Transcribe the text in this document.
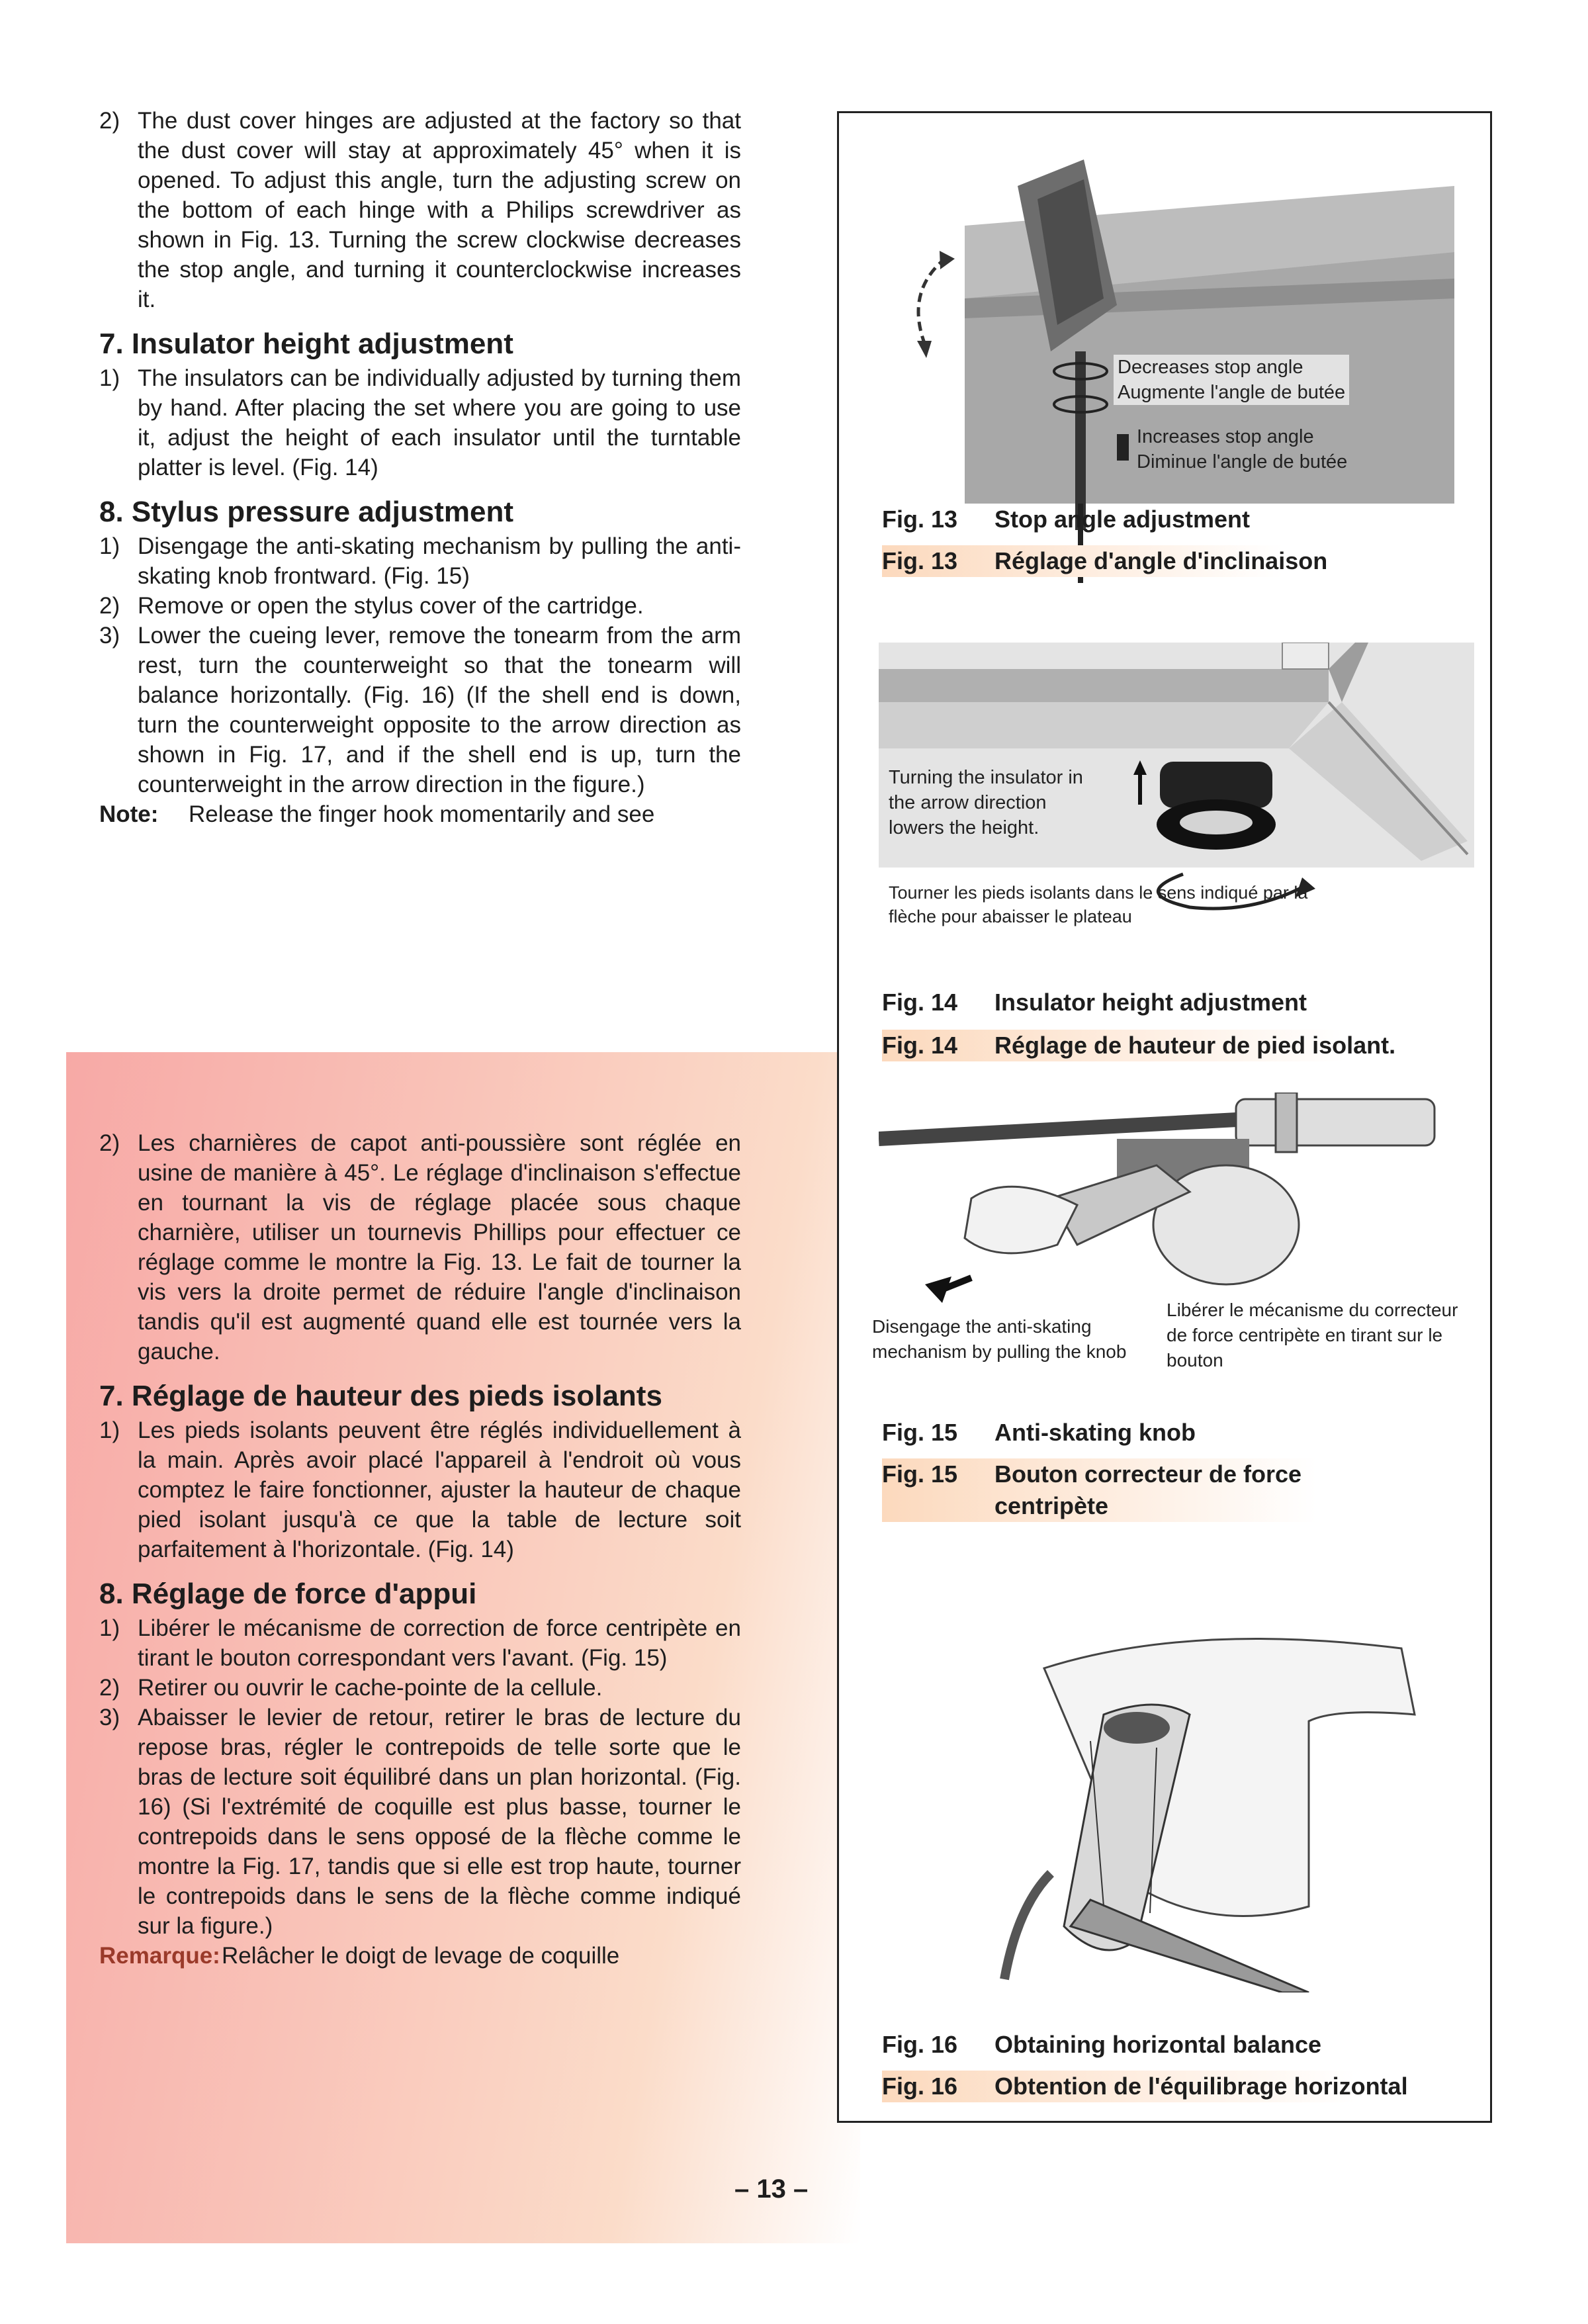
2) The dust cover hinges are adjusted at the factory so that the dust cover will stay at approximately 45° when it is opened. To adjust this angle, turn the adjusting screw on the bottom of each hinge with a Philips screwdriver as shown in Fig. 13. Turning the screw clockwise decreases the stop angle, and turning it counterclockwise increases it.
7. Insulator height adjustment
1) The insulators can be individually adjusted by turning them by hand. After placing the set where you are going to use it, adjust the height of each insulator until the turntable platter is level. (Fig. 14)
8. Stylus pressure adjustment
1) Disengage the anti-skating mechanism by pulling the anti-skating knob frontward. (Fig. 15)
2) Remove or open the stylus cover of the cartridge.
3) Lower the cueing lever, remove the tonearm from the arm rest, turn the counterweight so that the tonearm will balance horizontally. (Fig. 16) (If the shell end is down, turn the counterweight opposite to the arrow direction as shown in Fig. 17, and if the shell end is up, turn the counterweight in the arrow direction in the figure.)
Note:	Release the finger hook momentarily and see
2) Les charnières de capot anti-poussière sont réglée en usine de manière à 45°. Le réglage d'inclinaison s'effectue en tournant la vis de réglage placée sous chaque charnière, utiliser un tournevis Phillips pour effectuer ce réglage comme le montre la Fig. 13. Le fait de tourner la vis vers la droite permet de réduire l'angle d'inclinaison tandis qu'il est augmenté quand elle est tournée vers la gauche.
7. Réglage de hauteur des pieds isolants
1) Les pieds isolants peuvent être réglés individuellement à la main. Après avoir placé l'appareil à l'endroit où vous comptez le faire fonctionner, ajuster la hauteur de chaque pied isolant jusqu'à ce que la table de lecture soit parfaitement à l'horizontale. (Fig. 14)
8. Réglage de force d'appui
1) Libérer le mécanisme de correction de force centripète en tirant le bouton correspondant vers l'avant. (Fig. 15)
2) Retirer ou ouvrir le cache-pointe de la cellule.
3) Abaisser le levier de retour, retirer le bras de lecture du repose bras, régler le contrepoids de telle sorte que le bras de lecture soit équilibré dans un plan horizontal. (Fig. 16) (Si l'extrémité de coquille est plus basse, tourner le contrepoids dans le sens opposé de la flèche comme le montre la Fig. 17, tandis que si elle est trop haute, tourner le contrepoids dans le sens de la flèche comme indiqué sur la figure.)
Remarque: Relâcher le doigt de levage de coquille
– 13 –
Decreases stop angle
Augmente l'angle de butée
Increases stop angle
Diminue l'angle de butée
Fig. 13 Stop angle adjustment
Fig. 13 Réglage d'angle d'inclinaison
Turning the insulator in the arrow direction lowers the height.
Tourner les pieds isolants dans le sens indiqué par la flèche pour abaisser le plateau
Fig. 14 Insulator height adjustment
Fig. 14 Réglage de hauteur de pied isolant.
Disengage the anti-skating mechanism by pulling the knob
Libérer le mécanisme du correcteur de force centripète en tirant sur le bouton
Fig. 15 Anti-skating knob
Fig. 15 Bouton correcteur de force centripète
Fig. 16 Obtaining horizontal balance
Fig. 16 Obtention de l'équilibrage horizontal
